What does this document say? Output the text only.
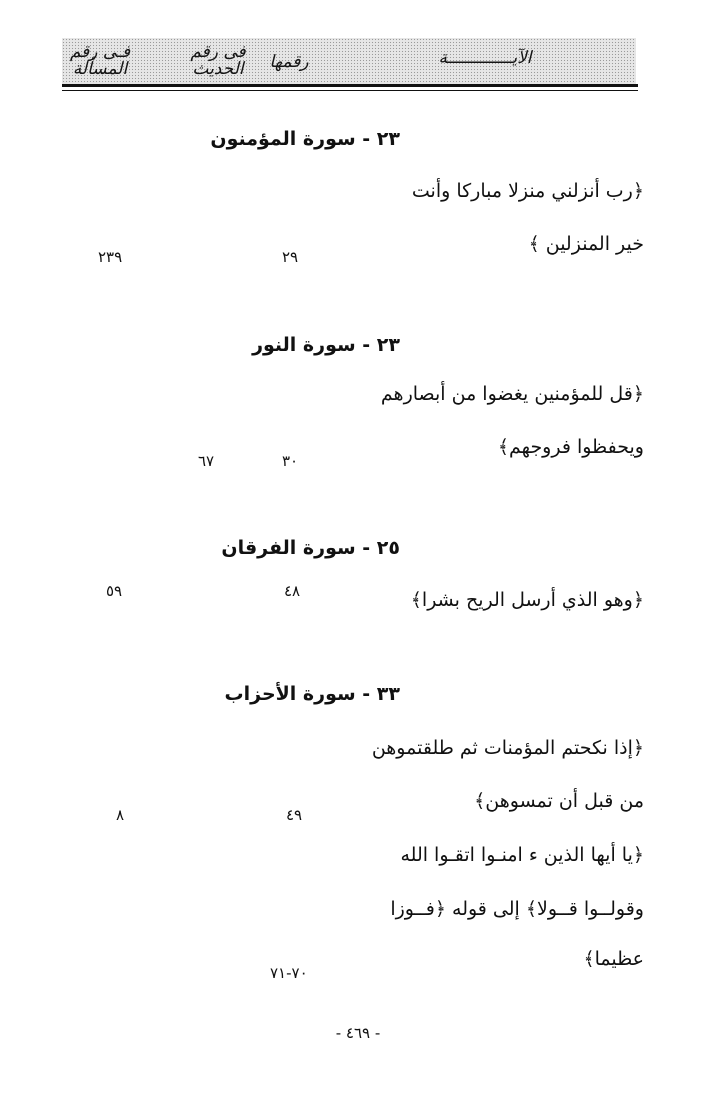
فـى رقم
المسألة
فى رقم
الحديث	رقمها	الآيـــــــــــــة
٢٣ - سورة المؤمنون
﴿رب أنزلني منزلا مباركا وأنت
خير المنزلين ﴾
٢٩
٢٣٩
٢٣ - سورة النور
﴿قل للمؤمنين يغضوا من أبصارهم
ويحفظوا فروجهم﴾
٣٠
٦٧
٢٥ - سورة الفرقان
﴿وهو الذي أرسل الريح بشرا﴾
٤٨
٥٩
٣٣ - سورة الأحزاب
﴿إذا نكحتم المؤمنات ثم طلقتموهن
من قبل أن تمسوهن﴾
٤٩
٨
﴿يا أيها الذين ء امنـوا اتقـوا الله
وقولــوا قــولا﴾ إلى قوله ﴿فــوزا
عظيما﴾
٧٠-٧١
- ٤٦٩ -
